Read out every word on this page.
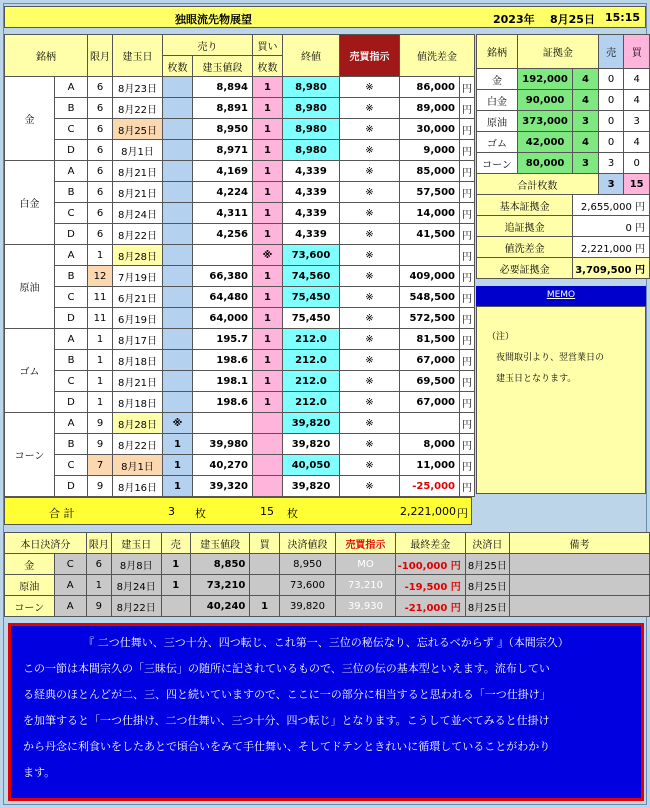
独眼流先物展望	2023年 8月25日 15:15
銘柄		限月	建玉日	売り		買い	終値	売買指示	値洗差金	
				枚数	建玉値段	枚数				
金	A	6	8月23日		8,894	1	8,980	※	86,000	円
	B	6	8月22日		8,891	1	8,980	※	89,000	円
	C	6	8月25日		8,950	1	8,980	※	30,000	円
	D	6	8月1日		8,971	1	8,980	※	9,000	円
白金	A	6	8月21日		4,169	1	4,339	※	85,000	円
	B	6	8月21日		4,224	1	4,339	※	57,500	円
	C	6	8月24日		4,311	1	4,339	※	14,000	円
	D	6	8月22日		4,256	1	4,339	※	41,500	円
原油	A	1	8月28日			※	73,600	※		円
	B	12	7月19日		66,380	1	74,560	※	409,000	円
	C	11	6月21日		64,480	1	75,450	※	548,500	円
	D	11	6月19日		64,000	1	75,450	※	572,500	円
ゴム	A	1	8月17日		195.7	1	212.0	※	81,500	円
	B	1	8月18日		198.6	1	212.0	※	67,000	円
	C	1	8月21日		198.1	1	212.0	※	69,500	円
	D	1	8月18日		198.6	1	212.0	※	67,000	円
コーン	A	9	8月28日	※			39,820	※		円
	B	9	8月22日	1	39,980		39,820	※	8,000	円
	C	7	8月1日	1	40,270		40,050	※	11,000	円
	D	9	8月16日	1	39,320		39,820	※	-25,000	円
合 計	3 枚	15 枚	2,221,000 円
銘柄	証拠金		売	買
金	192,000	4	0	4
白金	90,000	4	0	4
原油	373,000	3	0	3
ゴム	42,000	4	0	4
コーン	80,000	3	3	0
合計枚数			3	15
基本証拠金		2,655,000 円		
追証拠金		0 円		
値洗差金		2,221,000 円		
必要証拠金		3,709,500 円		
MEMO
（注）
　夜間取引より、翌営業日の
　建玉日となります。
本日決済分		限月	建玉日	売	建玉値段	買	決済値段	売買指示	最終差金	決済日	備考
金	C	6	8月8日	1	8,850		8,950	MO	-100,000 円	8月25日	
原油	A	1	8月24日	1	73,210		73,600	73,210	-19,500 円	8月25日	
コーン	A	9	8月22日		40,240	1	39,820	39,930	-21,000 円	8月25日	
『 二つ仕舞い、三つ十分、四つ転じ、これ第一、三位の秘伝なり、忘れるべからず 』（本間宗久）
この一節は本間宗久の「三昧伝」の随所に記されているもので、三位の伝の基本型といえます。流布してい
る経典のほとんどが二、三、四と続いていますので、ここに一の部分に相当すると思われる「一つ仕掛け」
を加筆すると「一つ仕掛け、二つ仕舞い、三つ十分、四つ転じ」となります。こうして並べてみると仕掛け
から丹念に利食いをしたあとで頃合いをみて手仕舞い、そしてドテンときれいに循環していることがわかり
ます。
